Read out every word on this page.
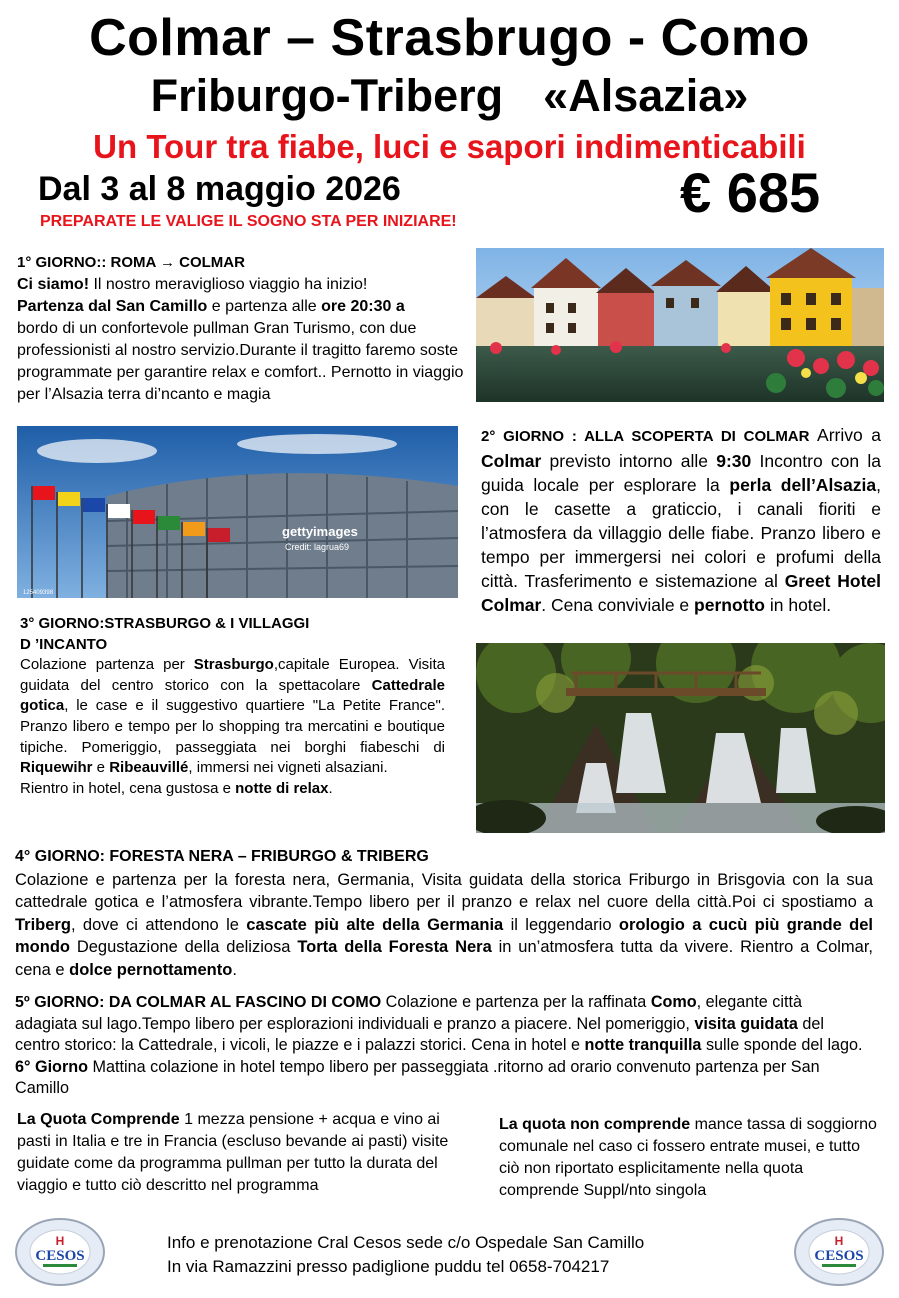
Colmar – Strasbrugo - Como
Friburgo-Triberg «Alsazia»
Un Tour tra fiabe, luci e sapori indimenticabili
Dal 3 al 8 maggio 2026	€ 685
PREPARATE LE VALIGE IL SOGNO STA PER INIZIARE!
1° GIORNO:: ROMA → COLMAR
Ci siamo! Il nostro meraviglioso viaggio ha inizio!
Partenza dal San Camillo e partenza alle ore 20:30 a
bordo di un confortevole pullman Gran Turismo, con due professionisti al nostro servizio.Durante il tragitto faremo soste programmate per garantire relax e comfort.. Pernotto in viaggio per l’Alsazia terra di’ncanto e magia
gettyimages
Credit: lagrua69
125409398
2° GIORNO : ALLA SCOPERTA DI COLMAR Arrivo a Colmar previsto intorno alle 9:30 Incontro con la guida locale per esplorare la perla dell’Alsazia, con le casette a graticcio, i canali fioriti e l’atmosfera da villaggio delle fiabe. Pranzo libero e tempo per immergersi nei colori e profumi della città. Trasferimento e sistemazione al Greet Hotel Colmar. Cena conviviale e pernotto in hotel.
3° GIORNO:STRASBURGO & I VILLAGGI
D ’INCANTO
Colazione partenza per Strasburgo,capitale Europea. Visita guidata del centro storico con la spettacolare Cattedrale gotica, le case e il suggestivo quartiere "La Petite France". Pranzo libero e tempo per lo shopping tra mercatini e boutique tipiche. Pomeriggio, passeggiata nei borghi fiabeschi di Riquewihr e Ribeauvillé, immersi nei vigneti alsaziani.
Rientro in hotel, cena gustosa e notte di relax.
4° GIORNO: FORESTA NERA – FRIBURGO & TRIBERG
Colazione e partenza per la foresta nera, Germania, Visita guidata della storica Friburgo in Brisgovia con la sua cattedrale gotica e l’atmosfera vibrante.Tempo libero per il pranzo e relax nel cuore della città.Poi ci spostiamo a Triberg, dove ci attendono le cascate più alte della Germania il leggendario orologio a cucù più grande del mondo Degustazione della deliziosa Torta della Foresta Nera in un’atmosfera tutta da vivere. Rientro a Colmar, cena e dolce pernottamento.
5º GIORNO: DA COLMAR AL FASCINO DI COMO Colazione e partenza per la raffinata Como, elegante città adagiata sul lago.Tempo libero per esplorazioni individuali e pranzo a piacere. Nel pomeriggio, visita guidata del centro storico: la Cattedrale, i vicoli, le piazze e i palazzi storici. Cena in hotel e notte tranquilla sulle sponde del lago. 6° Giorno Mattina colazione in hotel tempo libero per passeggiata .ritorno ad orario convenuto partenza per San Camillo
La Quota Comprende 1 mezza pensione + acqua e vino ai pasti in Italia e tre in Francia (escluso bevande ai pasti) visite guidate come da programma pullman per tutto la durata del viaggio e tutto ciò descritto nel programma
La quota non comprende mance tassa di soggiorno comunale nel caso ci fossero entrate musei, e tutto ciò non riportato esplicitamente nella quota comprende Suppl/nto singola
H
CESOS
H
CESOS
Info e prenotazione Cral Cesos sede c/o Ospedale San Camillo
In via Ramazzini presso padiglione puddu tel 0658-704217
